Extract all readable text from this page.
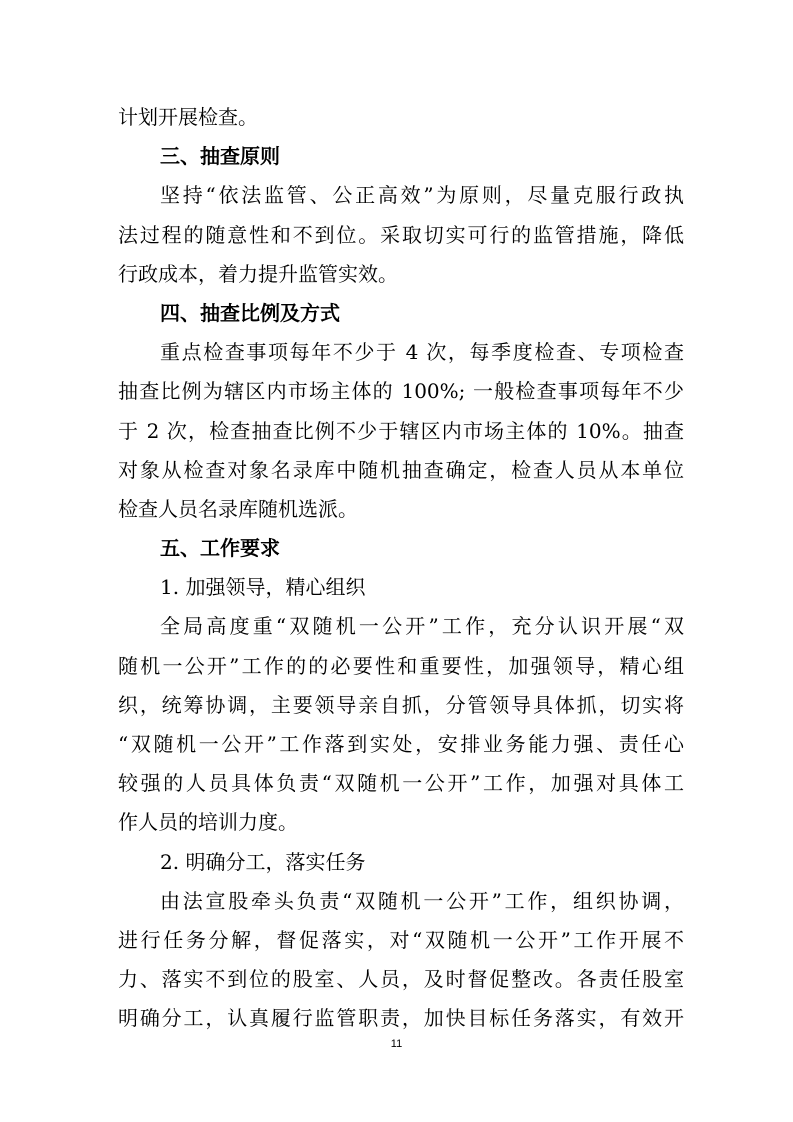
计划开展检查。
三、抽查原则
坚持“依法监管、公正高效”为原则，尽量克服行政执
法过程的随意性和不到位。采取切实可行的监管措施，降低
行政成本，着力提升监管实效。
四、抽查比例及方式
重点检查事项每年不少于 4 次，每季度检查、专项检查
抽查比例为辖区内市场主体的 100%; 一般检查事项每年不少
于 2 次，检查抽查比例不少于辖区内市场主体的 10%。抽查
对象从检查对象名录库中随机抽查确定，检查人员从本单位
检查人员名录库随机选派。
五、工作要求
1. 加强领导，精心组织
全局高度重“双随机一公开”工作，充分认识开展“双
随机一公开”工作的的必要性和重要性，加强领导，精心组
织，统筹协调，主要领导亲自抓，分管领导具体抓，切实将
“双随机一公开”工作落到实处，安排业务能力强、责任心
较强的人员具体负责“双随机一公开”工作，加强对具体工
作人员的培训力度。
2. 明确分工，落实任务
由法宣股牵头负责“双随机一公开”工作，组织协调，
进行任务分解，督促落实，对“双随机一公开”工作开展不
力、落实不到位的股室、人员，及时督促整改。各责任股室
明确分工，认真履行监管职责，加快目标任务落实，有效开
11
